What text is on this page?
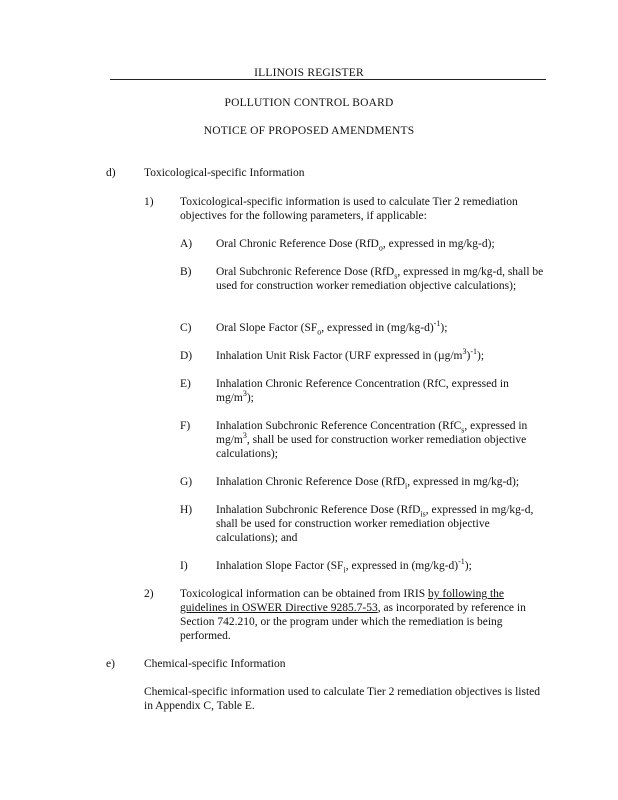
ILLINOIS REGISTER
POLLUTION CONTROL BOARD
NOTICE OF PROPOSED AMENDMENTS
d) Toxicological-specific Information
1) Toxicological-specific information is used to calculate Tier 2 remediation objectives for the following parameters, if applicable:
A) Oral Chronic Reference Dose (RfD$_o$, expressed in mg/kg-d);
B) Oral Subchronic Reference Dose (RfD$_s$, expressed in mg/kg-d, shall be used for construction worker remediation objective calculations);
C) Oral Slope Factor ($SF_o$, expressed in $(mg/kg-d)^{-1}$);
D) Inhalation Unit Risk Factor (URF expressed in $(\mu g/m^3)^{-1}$);
E) Inhalation Chronic Reference Concentration (RfC, expressed in $mg/m^3$);
F) Inhalation Subchronic Reference Concentration (RfC$_s$, expressed in $mg/m^3$, shall be used for construction worker remediation objective calculations);
G) Inhalation Chronic Reference Dose (RfD$_i$, expressed in mg/kg-d);
H) Inhalation Subchronic Reference Dose (RfD$_{is}$, expressed in mg/kg-d, shall be used for construction worker remediation objective calculations); and
I) Inhalation Slope Factor ($SF_i$, expressed in $(mg/kg-d)^{-1}$);
2) Toxicological information can be obtained from IRIS by following the guidelines in OSWER Directive 9285.7-53, as incorporated by reference in Section 742.210, or the program under which the remediation is being performed.
e)	Chemical-specific Information
Chemical-specific information used to calculate Tier 2 remediation objectives is listed in Appendix C, Table E.
